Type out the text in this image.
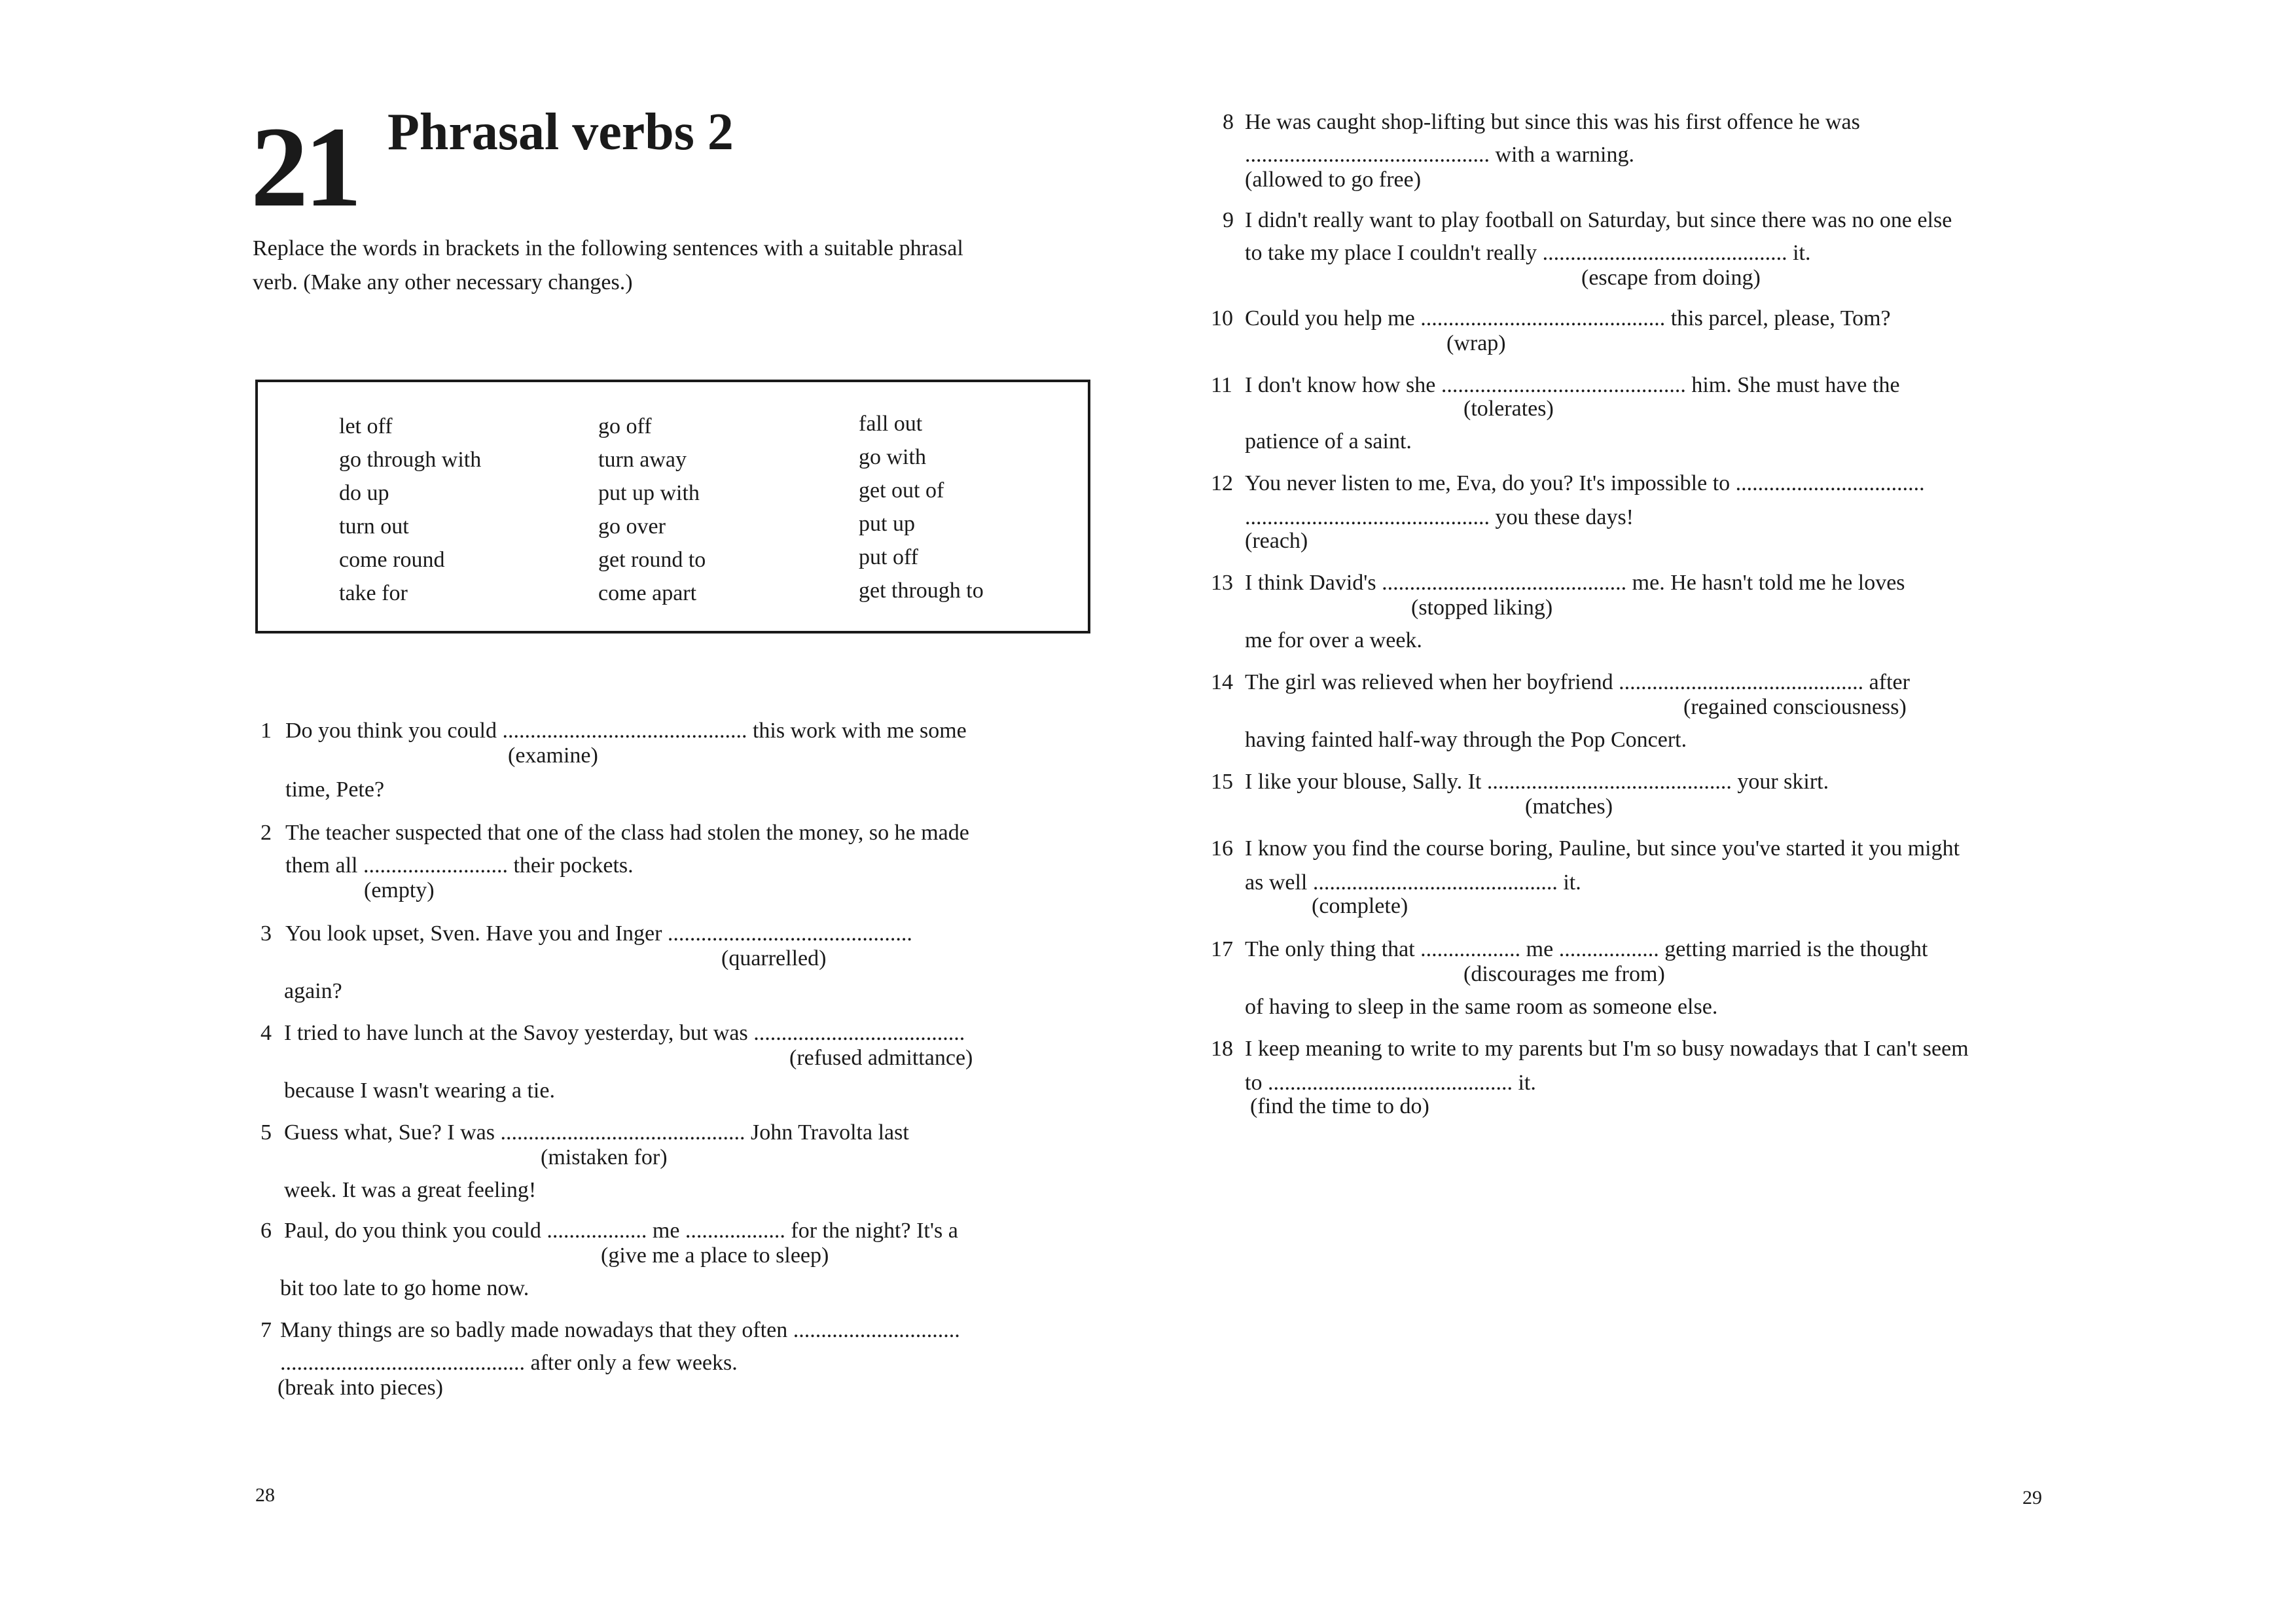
21 Phrasal verbs 2
Replace the words in brackets in the following sentences with a suitable phrasal
verb. (Make any other necessary changes.)
let off
go through with
do up
turn out
come round
take for
go off
turn away
put up with
go over
get round to
come apart
fall out
go with
get out of
put up
put off
get through to
1 Do you think you could ............................................ this work with me some
(examine)
time, Pete?
2 The teacher suspected that one of the class had stolen the money, so he made
them all .......................... their pockets.
(empty)
3 You look upset, Sven. Have you and Inger ............................................
(quarrelled)
again?
4 I tried to have lunch at the Savoy yesterday, but was ......................................
(refused admittance)
because I wasn't wearing a tie.
5 Guess what, Sue? I was ............................................ John Travolta last
(mistaken for)
week. It was a great feeling!
6 Paul, do you think you could .................. me .................. for the night? It's a
(give me a place to sleep)
bit too late to go home now.
7 Many things are so badly made nowadays that they often ..............................
............................................ after only a few weeks.
(break into pieces)
8 He was caught shop-lifting but since this was his first offence he was
............................................ with a warning.
(allowed to go free)
9 I didn't really want to play football on Saturday, but since there was no one else
to take my place I couldn't really ............................................ it.
(escape from doing)
10 Could you help me ............................................ this parcel, please, Tom?
(wrap)
11 I don't know how she ............................................ him. She must have the
(tolerates)
patience of a saint.
12 You never listen to me, Eva, do you? It's impossible to ..................................
............................................ you these days!
(reach)
13 I think David's ............................................ me. He hasn't told me he loves
(stopped liking)
me for over a week.
14 The girl was relieved when her boyfriend ............................................ after
(regained consciousness)
having fainted half-way through the Pop Concert.
15 I like your blouse, Sally. It ............................................ your skirt.
(matches)
16 I know you find the course boring, Pauline, but since you've started it you might
as well ............................................ it.
(complete)
17 The only thing that .................. me .................. getting married is the thought
(discourages me from)
of having to sleep in the same room as someone else.
18 I keep meaning to write to my parents but I'm so busy nowadays that I can't seem
to ............................................ it.
(find the time to do)
28	29
